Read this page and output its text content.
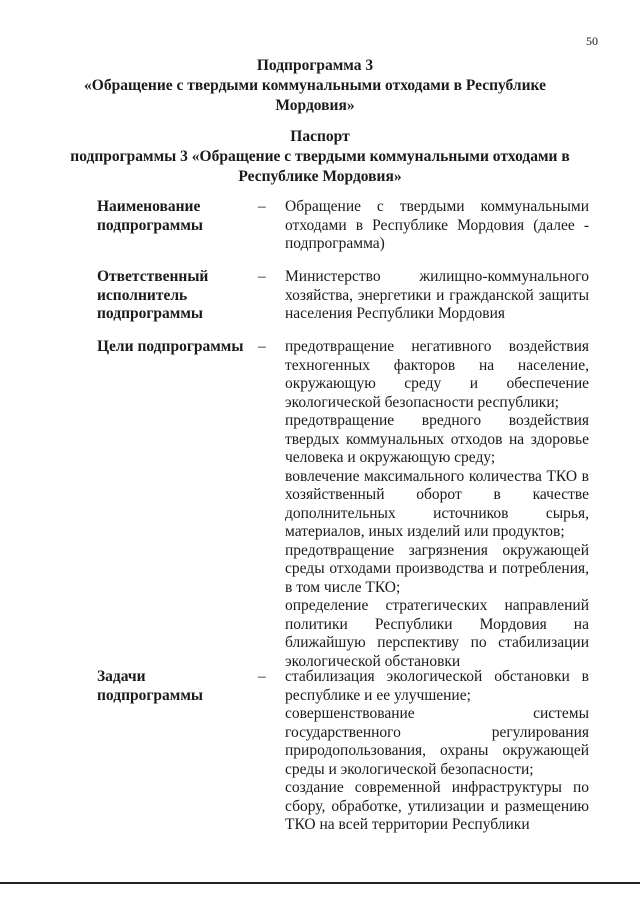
50
Подпрограмма 3
«Обращение с твердыми коммунальными отходами в Республике Мордовия»
Паспорт
подпрограммы 3 «Обращение с твердыми коммунальными отходами в
Республике Мордовия»
Наименование подпрограммы
– Обращение с твердыми коммунальными отходами в Республике Мордовия (далее - подпрограмма)

Ответственный исполнитель подпрограммы
– Министерство жилищно-коммунального хозяйства, энергетики и гражданской защиты населения Республики Мордовия

Цели подпрограммы – предотвращение негативного воздействия техногенных факторов на население, окружающую среду и обеспечение экологической безопасности республики;

предотвращение вредного воздействия твердых коммунальных отходов на здоровье человека и окружающую среду;

вовлечение максимального количества ТКО в хозяйственный оборот в качестве дополнительных источников сырья, материалов, иных изделий или продуктов;

предотвращение загрязнения окружающей среды отходами производства и потребления, в том числе ТКО;

определение стратегических направлений политики Республики Мордовия на ближайшую перспективу по стабилизации экологической обстановки

Задачи подпрограммы
– стабилизация экологической обстановки в республике и ее улучшение;

совершенствование системы государственного регулирования природопользования, охраны окружающей среды и экологической безопасности;

создание современной инфраструктуры по сбору, обработке, утилизации и размещению ТКО на всей территории Республики
